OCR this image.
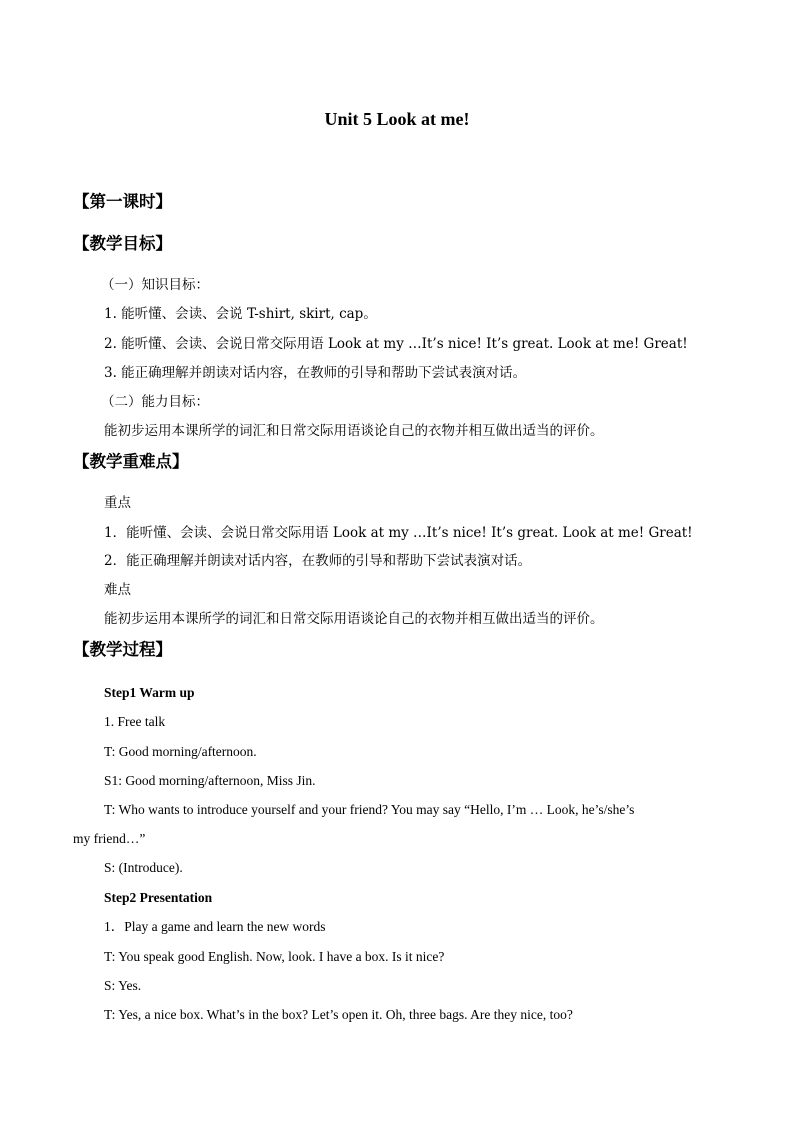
Unit 5 Look at me!
【第一课时】
【教学目标】
（一）知识目标：
1. 能听懂、会读、会说 T-shirt, skirt, cap。
2. 能听懂、会读、会说日常交际用语 Look at my …It’s nice! It’s great. Look at me! Great!
3. 能正确理解并朗读对话内容，在教师的引导和帮助下尝试表演对话。
（二）能力目标：
能初步运用本课所学的词汇和日常交际用语谈论自己的衣物并相互做出适当的评价。
【教学重难点】
重点
1．能听懂、会读、会说日常交际用语 Look at my …It’s nice! It’s great. Look at me! Great!
2．能正确理解并朗读对话内容，在教师的引导和帮助下尝试表演对话。
难点
能初步运用本课所学的词汇和日常交际用语谈论自己的衣物并相互做出适当的评价。
【教学过程】
Step1 Warm up
1. Free talk
T: Good morning/afternoon.
S1: Good morning/afternoon, Miss Jin.
T: Who wants to introduce yourself and your friend? You may say “Hello, I’m … Look, he’s/she’s
my friend…”
S: (Introduce).
Step2 Presentation
1．Play a game and learn the new words
T: You speak good English. Now, look. I have a box. Is it nice?
S: Yes.
T: Yes, a nice box. What’s in the box? Let’s open it. Oh, three bags. Are they nice, too?
